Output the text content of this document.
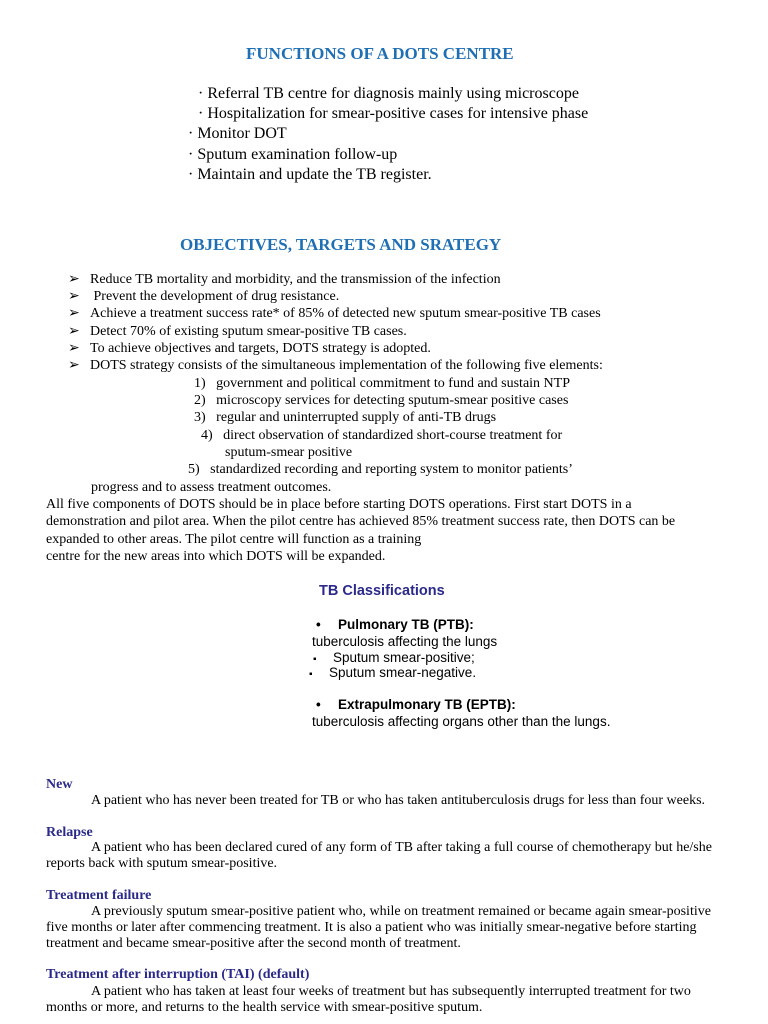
FUNCTIONS OF A DOTS CENTRE
· Referral TB centre for diagnosis mainly using microscope
· Hospitalization for smear-positive cases for intensive phase
· Monitor DOT
· Sputum examination follow-up
· Maintain and update the TB register.
OBJECTIVES, TARGETS AND SRATEGY
➢ Reduce TB mortality and morbidity, and the transmission of the infection
➢ Prevent the development of drug resistance.
➢ Achieve a treatment success rate* of 85% of detected new sputum smear-positive TB cases
➢ Detect 70% of existing sputum smear-positive TB cases.
➢ To achieve objectives and targets, DOTS strategy is adopted.
➢ DOTS strategy consists of the simultaneous implementation of the following five elements:
1)   government and political commitment to fund and sustain NTP
2)   microscopy services for detecting sputum-smear positive cases
3)   regular and uninterrupted supply of anti-TB drugs
4)   direct observation of standardized short-course treatment for
sputum-smear positive
5)   standardized recording and reporting system to monitor patients’
progress and to assess treatment outcomes.
All five components of DOTS should be in place before starting DOTS operations. First start DOTS in a
demonstration and pilot area. When the pilot centre has achieved 85% treatment success rate, then DOTS can be
expanded to other areas. The pilot centre will function as a training
centre for the new areas into which DOTS will be expanded.
TB Classifications
• Pulmonary TB (PTB):
tuberculosis affecting the lungs
▪ Sputum smear-positive;
▪ Sputum smear-negative.
• Extrapulmonary TB (EPTB):
tuberculosis affecting organs other than the lungs.
New
A patient who has never been treated for TB or who has taken antituberculosis drugs for less than four weeks.
Relapse
A patient who has been declared cured of any form of TB after taking a full course of chemotherapy but he/she
reports back with sputum smear-positive.
Treatment failure
A previously sputum smear-positive patient who, while on treatment remained or became again smear-positive
five months or later after commencing treatment. It is also a patient who was initially smear-negative before starting
treatment and became smear-positive after the second month of treatment.
Treatment after interruption (TAI) (default)
A patient who has taken at least four weeks of treatment but has subsequently interrupted treatment for two
months or more, and returns to the health service with smear-positive sputum.
